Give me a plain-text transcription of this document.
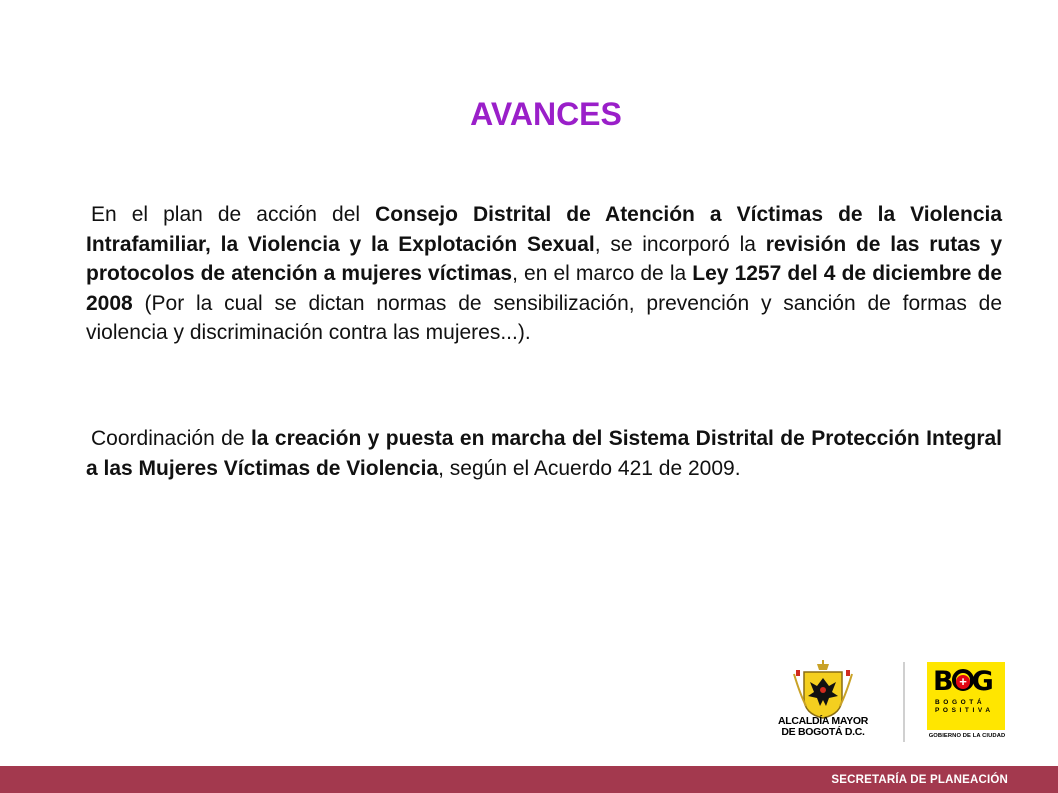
AVANCES

En el plan de acción del Consejo Distrital de Atención a Víctimas de la Violencia Intrafamiliar, la Violencia y la Explotación Sexual, se incorporó la revisión de las rutas y protocolos de atención a mujeres víctimas, en el marco de la Ley 1257 del 4 de diciembre de 2008 (Por la cual se dictan normas de sensibilización, prevención y sanción de formas de violencia y discriminación contra las mujeres...).

Coordinación de la creación y puesta en marcha del Sistema Distrital de Protección Integral a las Mujeres Víctimas de Violencia, según el Acuerdo 421 de 2009.

ALCALDÍA MAYOR
DE BOGOTÁ D.C.
B G
+
BOGOTÁ
POSITIVA
GOBIERNO DE LA CIUDAD
SECRETARÍA DE PLANEACIÓN
